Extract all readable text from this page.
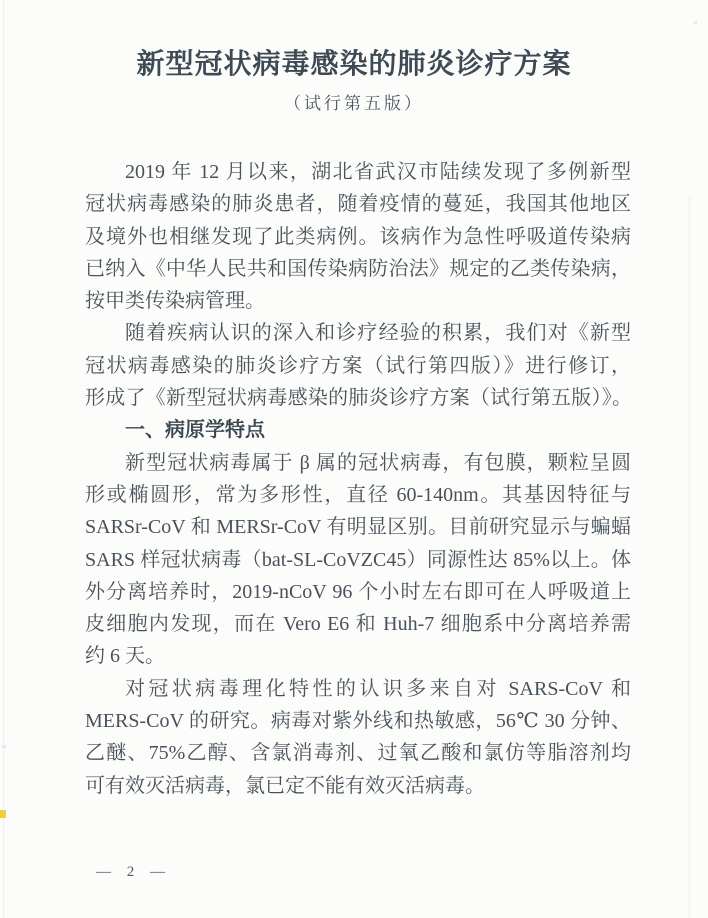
新型冠状病毒感染的肺炎诊疗方案
（试行第五版）
2019 年 12 月以来，湖北省武汉市陆续发现了多例新型
冠状病毒感染的肺炎患者，随着疫情的蔓延，我国其他地区
及境外也相继发现了此类病例。该病作为急性呼吸道传染病
已纳入《中华人民共和国传染病防治法》规定的乙类传染病，
按甲类传染病管理。
随着疾病认识的深入和诊疗经验的积累，我们对《新型
冠状病毒感染的肺炎诊疗方案（试行第四版）》进行修订，
形成了《新型冠状病毒感染的肺炎诊疗方案（试行第五版）》。
一、病原学特点
新型冠状病毒属于 β 属的冠状病毒，有包膜，颗粒呈圆
形或椭圆形，常为多形性，直径 60-140nm。其基因特征与
SARSr-CoV 和 MERSr-CoV 有明显区别。目前研究显示与蝙蝠
SARS 样冠状病毒（bat-SL-CoVZC45）同源性达 85%以上。体
外分离培养时，2019-nCoV 96 个小时左右即可在人呼吸道上
皮细胞内发现，而在 Vero E6 和 Huh-7 细胞系中分离培养需
约 6 天。
对冠状病毒理化特性的认识多来自对 SARS-CoV 和
MERS-CoV 的研究。病毒对紫外线和热敏感，56℃ 30 分钟、
乙醚、75%乙醇、含氯消毒剂、过氧乙酸和氯仿等脂溶剂均
可有效灭活病毒，氯已定不能有效灭活病毒。
— 2 —
